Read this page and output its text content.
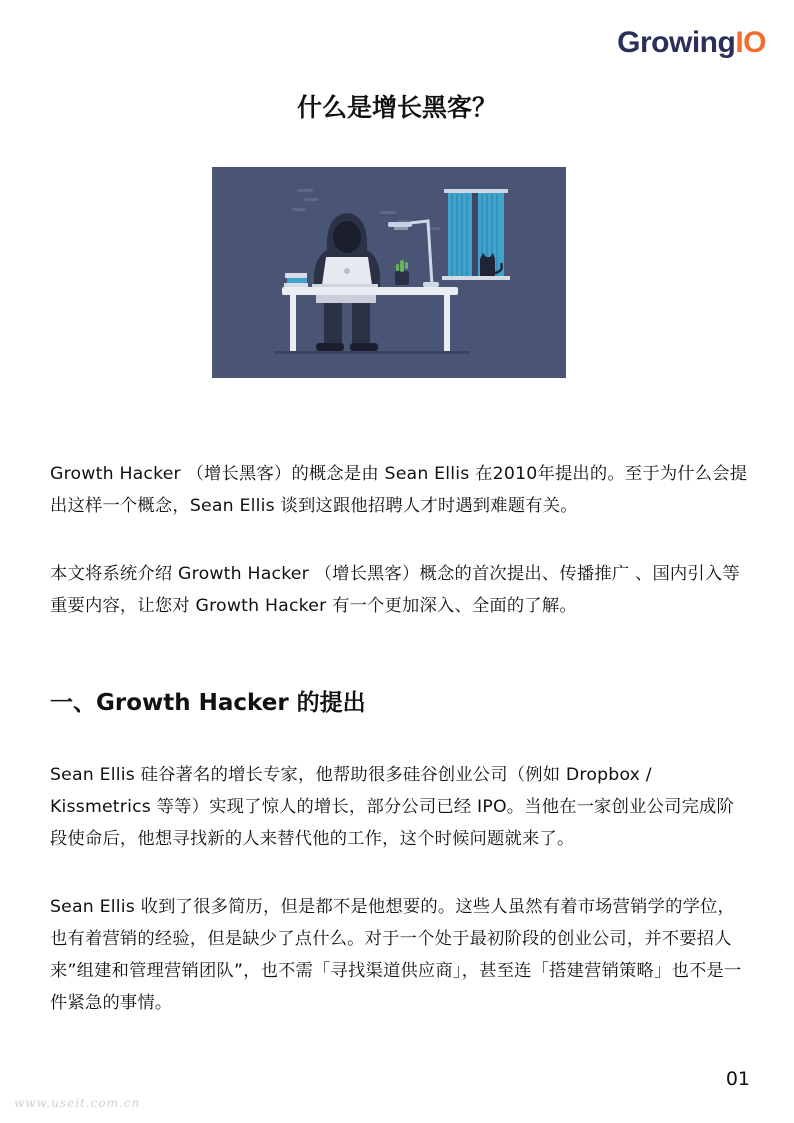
GrowingIO
什么是增长黑客？

Growth Hacker （增长黑客）的概念是由 Sean Ellis 在2010年提出的。至于为什么会提出这样一个概念，Sean Ellis 谈到这跟他招聘人才时遇到难题有关。

本文将系统介绍 Growth Hacker （增长黑客）概念的首次提出、传播推广 、国内引入等重要内容，让您对 Growth Hacker 有一个更加深入、全面的了解。

一、Growth Hacker 的提出

Sean Ellis 硅谷著名的增长专家，他帮助很多硅谷创业公司（例如 Dropbox / Kissmetrics 等等）实现了惊人的增长，部分公司已经 IPO。当他在一家创业公司完成阶段使命后，他想寻找新的人来替代他的工作，这个时候问题就来了。

Sean Ellis 收到了很多简历，但是都不是他想要的。这些人虽然有着市场营销学的学位，也有着营销的经验，但是缺少了点什么。对于一个处于最初阶段的创业公司，并不要招人来”组建和管理营销团队”，也不需「寻找渠道供应商」，甚至连「搭建营销策略」也不是一件紧急的事情。

01
www.useit.com.cn
